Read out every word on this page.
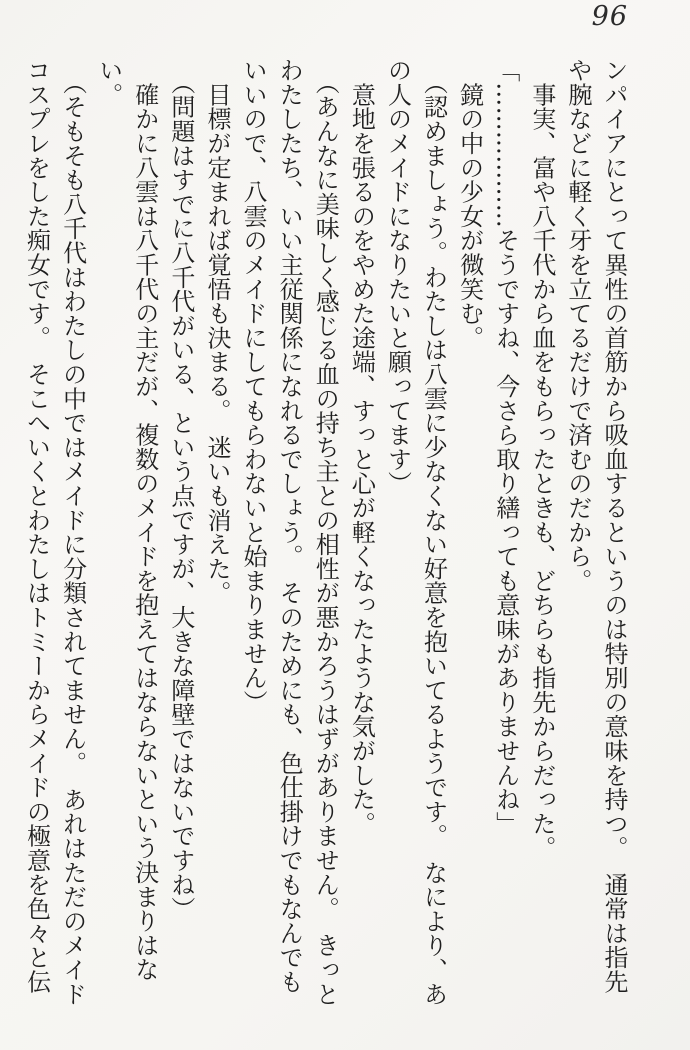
96

ンパイアにとって異性の首筋から吸血するというのは特別の意味を持つ。　通常は指先

や腕などに軽く牙を立てるだけで済むのだから。

　事実、富や八千代から血をもらったときも、どちらも指先からだった。

「………………そうですね、今さら取り繕っても意味がありませんね」

　鏡の中の少女が微笑む。

　（認めましょう。わたしは八雲に少なくない好意を抱いてるようです。　なにより、あ

の人のメイドになりたいと願ってます）

　意地を張るのをやめた途端、すっと心が軽くなったような気がした。

　（あんなに美味しく感じる血の持ち主との相性が悪かろうはずがありません。　きっと

わたしたち、いい主従関係になれるでしょう。　そのためにも、色仕掛けでもなんでも

いいので、八雲のメイドにしてもらわないと始まりません）

　目標が定まれば覚悟も決まる。　迷いも消えた。

　（問題はすでに八千代がいる、という点ですが、大きな障壁ではないですね）

　確かに八雲は八千代の主だが、複数のメイドを抱えてはならないという決まりはな

い。

　（そもそも八千代はわたしの中ではメイドに分類されてません。　あれはただのメイド

コスプレをした痴女です。　そこへいくとわたしはトミーからメイドの極意を色々と伝
